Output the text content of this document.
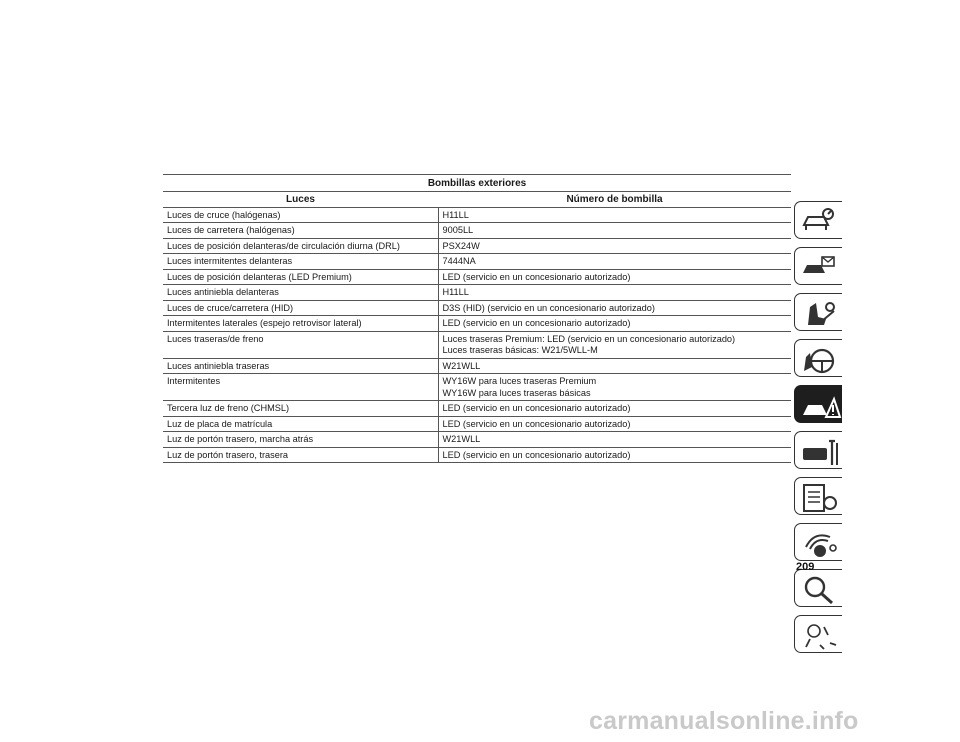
Bombillas exteriores	
Luces	Número de bombilla
Luces de cruce (halógenas)	H11LL

Luces de carretera (halógenas)	9005LL

Luces de posición delanteras/de circulación diurna (DRL)	PSX24W

Luces intermitentes delanteras	7444NA

Luces de posición delanteras (LED Premium)	LED (servicio en un concesionario autorizado)

Luces antiniebla delanteras	H11LL

Luces de cruce/carretera (HID)	D3S (HID) (servicio en un concesionario autorizado)

Intermitentes laterales (espejo retrovisor lateral)	LED (servicio en un concesionario autorizado)

Luces traseras/de freno	Luces traseras Premium: LED (servicio en un concesionario autorizado)
Luces traseras básicas: W21/5WLL-M

Luces antiniebla traseras	W21WLL

Intermitentes	WY16W para luces traseras Premium
WY16W para luces traseras básicas

Tercera luz de freno (CHMSL)	LED (servicio en un concesionario autorizado)

Luz de placa de matrícula	LED (servicio en un concesionario autorizado)

Luz de portón trasero, marcha atrás	W21WLL

Luz de portón trasero, trasera	LED (servicio en un concesionario autorizado)
209
carmanualsonline.info
